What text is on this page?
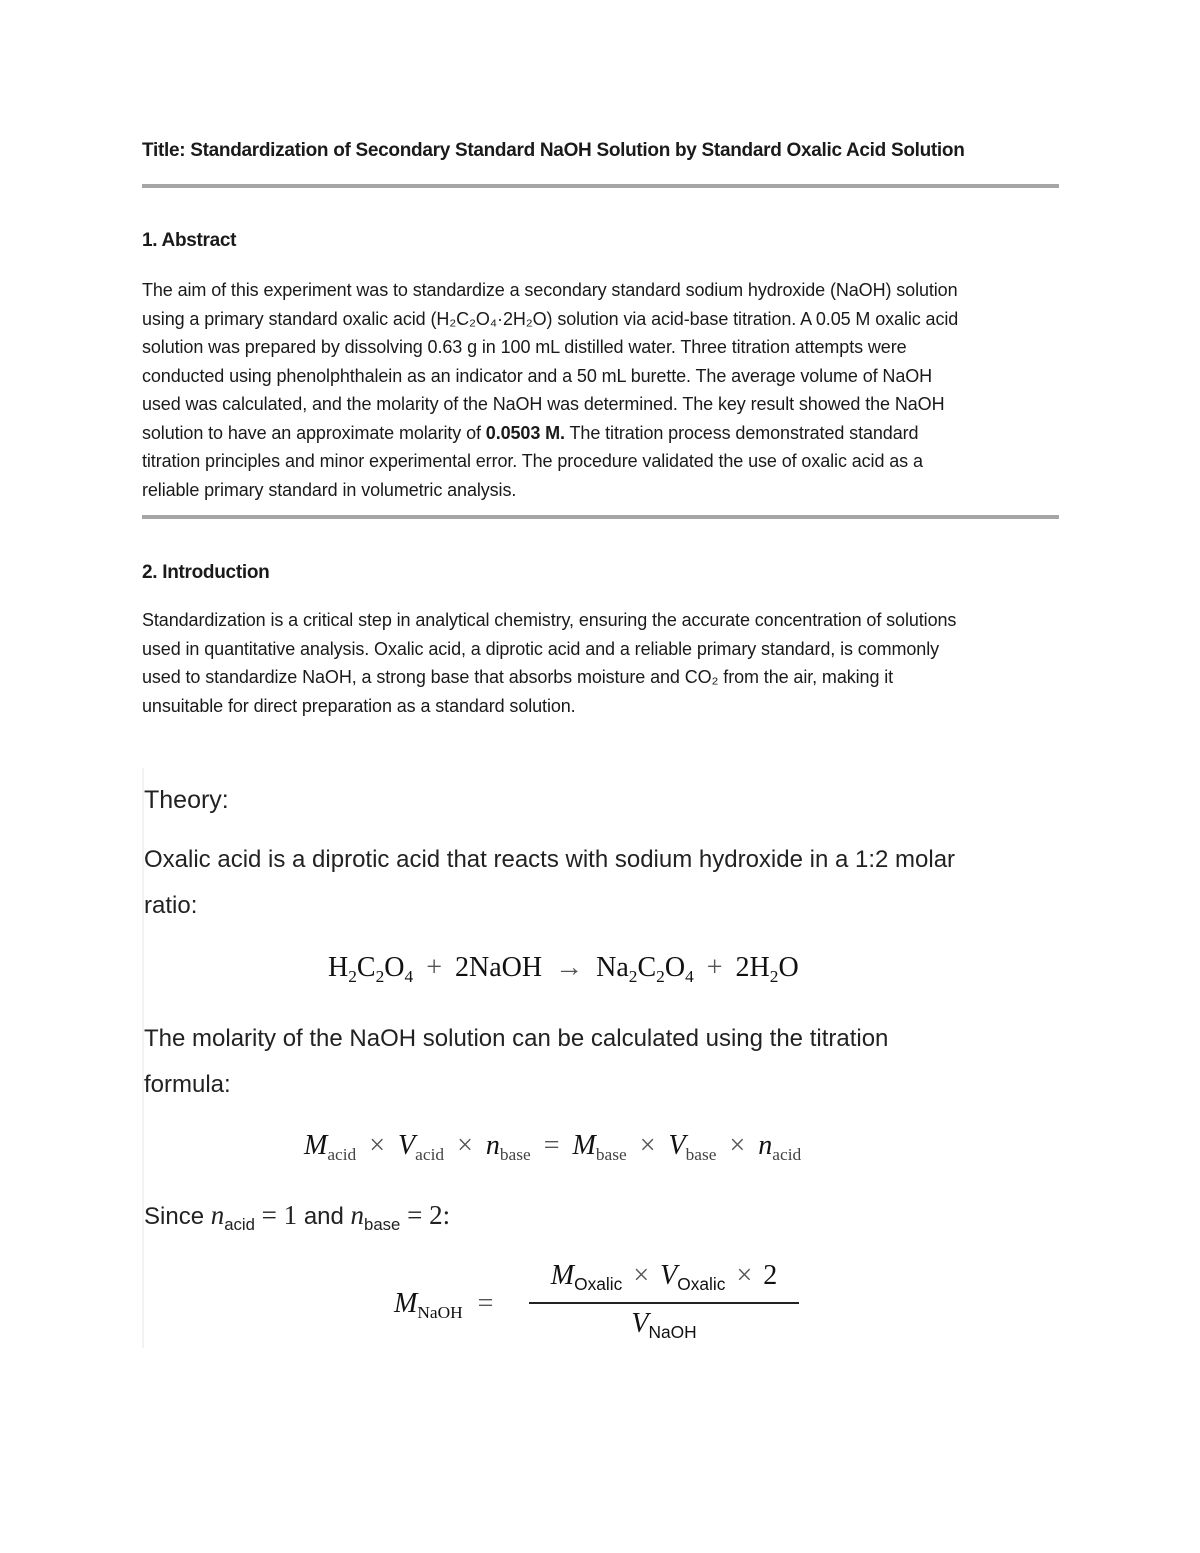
Title: Standardization of Secondary Standard NaOH Solution by Standard Oxalic Acid Solution
1. Abstract
The aim of this experiment was to standardize a secondary standard sodium hydroxide (NaOH) solution
using a primary standard oxalic acid (H₂C₂O₄·2H₂O) solution via acid-base titration. A 0.05 M oxalic acid
solution was prepared by dissolving 0.63 g in 100 mL distilled water. Three titration attempts were
conducted using phenolphthalein as an indicator and a 50 mL burette. The average volume of NaOH
used was calculated, and the molarity of the NaOH was determined. The key result showed the NaOH
solution to have an approximate molarity of 0.0503 M. The titration process demonstrated standard
titration principles and minor experimental error. The procedure validated the use of oxalic acid as a
reliable primary standard in volumetric analysis.
2. Introduction
Standardization is a critical step in analytical chemistry, ensuring the accurate concentration of solutions
used in quantitative analysis. Oxalic acid, a diprotic acid and a reliable primary standard, is commonly
used to standardize NaOH, a strong base that absorbs moisture and CO₂ from the air, making it
unsuitable for direct preparation as a standard solution.
Theory:
Oxalic acid is a diprotic acid that reacts with sodium hydroxide in a 1:2 molar
ratio:
$H_2C_2O_4$ + 2NaOH → $Na_2C_2O_4 + 2H_2O$
The molarity of the NaOH solution can be calculated using the titration
formula:
$M_{acid} \times V_{acid} \times n_{base} = M_{base} \times V_{base} \times n_{acid}$
Since $n_{acid} = 1$ and $n_{base} = 2$:
$M_{NaOH}$ =
$M_{Oxalic} \times V_{Oxalic} \times 2$
$V_{NaOH}$
